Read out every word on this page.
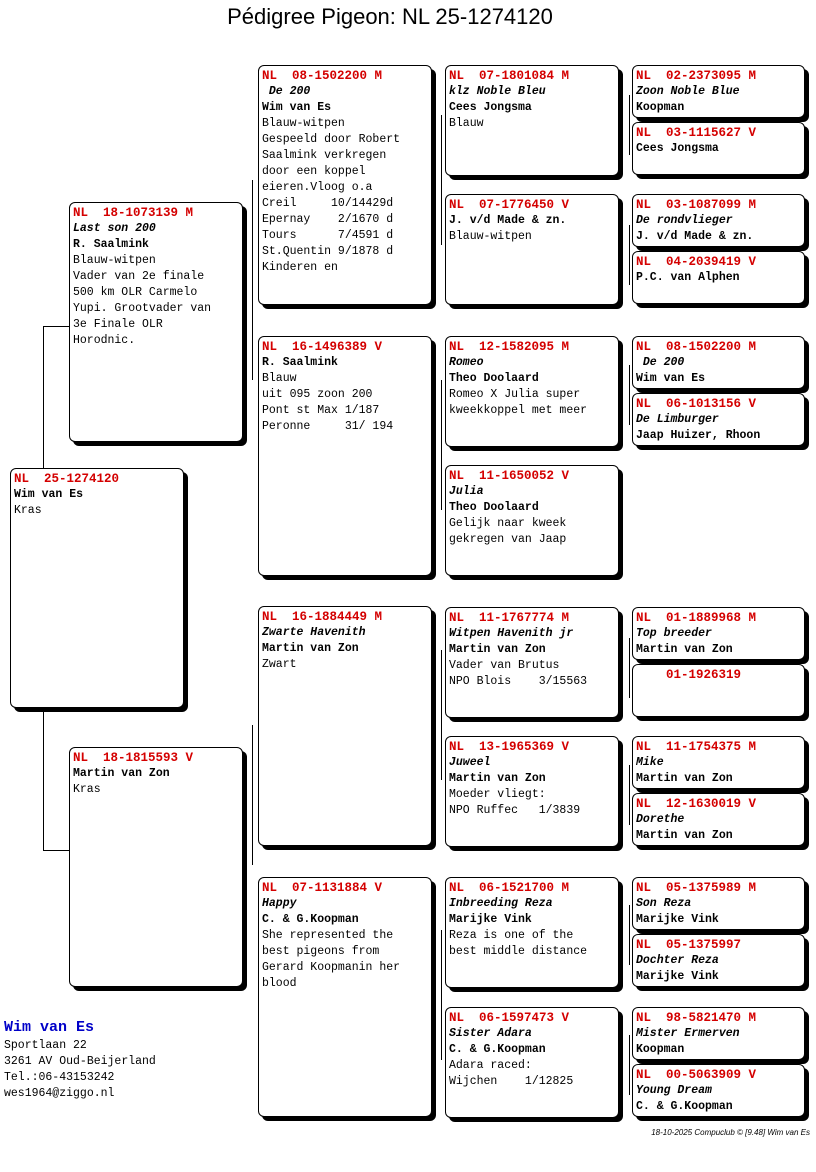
Pédigree Pigeon: NL 25-1274120
NL  25-1274120
Wim van Es
Kras
NL  18-1073139 M
Last son 200
R. Saalmink
Blauw-witpen
Vader van 2e finale
500 km OLR Carmelo
Yupi. Grootvader van
3e Finale OLR
Horodnic.
NL  18-1815593 V
Martin van Zon
Kras
NL  08-1502200 M
De 200
Wim van Es
Blauw-witpen
Gespeeld door Robert
Saalmink verkregen
door een koppel
eieren.Vloog o.a
Creil     10/14429d
Epernay    2/1670 d
Tours      7/4591 d
St.Quentin 9/1878 d
Kinderen en
NL  16-1496389 V
R. Saalmink
Blauw
uit 095 zoon 200
Pont st Max 1/187
Peronne     31/ 194
NL  16-1884449 M
Zwarte Havenith
Martin van Zon
Zwart
NL  07-1131884 V
Happy
C. & G.Koopman
She represented the
best pigeons from
Gerard Koopmanin her
blood
NL  07-1801084 M
klz Noble Bleu
Cees Jongsma
Blauw
NL  07-1776450 V
J. v/d Made & zn.
Blauw-witpen
NL  12-1582095 M
Romeo
Theo Doolaard
Romeo X Julia super
kweekkoppel met meer
NL  11-1650052 V
Julia
Theo Doolaard
Gelijk naar kweek
gekregen van Jaap
NL  11-1767774 M
Witpen Havenith jr
Martin van Zon
Vader van Brutus
NPO Blois    3/15563
NL  13-1965369 V
Juweel
Martin van Zon
Moeder vliegt:
NPO Ruffec   1/3839
NL  06-1521700 M
Inbreeding Reza
Marijke Vink
Reza is one of the
best middle distance
NL  06-1597473 V
Sister Adara
C. & G.Koopman
Adara raced:
Wijchen    1/12825
NL  02-2373095 M
Zoon Noble Blue
Koopman
NL  03-1115627 V
Cees Jongsma
NL  03-1087099 M
De rondvlieger
J. v/d Made & zn.
NL  04-2039419 V
P.C. van Alphen
NL  08-1502200 M
De 200
Wim van Es
NL  06-1013156 V
De Limburger
Jaap Huizer, Rhoon
NL  01-1889968 M
Top breeder
Martin van Zon
01-1926319
NL  11-1754375 M
Mike
Martin van Zon
NL  12-1630019 V
Dorethe
Martin van Zon
NL  05-1375989 M
Son Reza
Marijke Vink
NL  05-1375997
Dochter Reza
Marijke Vink
NL  98-5821470 M
Mister Ermerven
Koopman
NL  00-5063909 V
Young Dream
C. & G.Koopman
Wim van Es
Sportlaan 22
3261 AV Oud-Beijerland
Tel.:06-43153242
wes1964@ziggo.nl
18-10-2025 Compuclub © [9.48] Wim van Es
